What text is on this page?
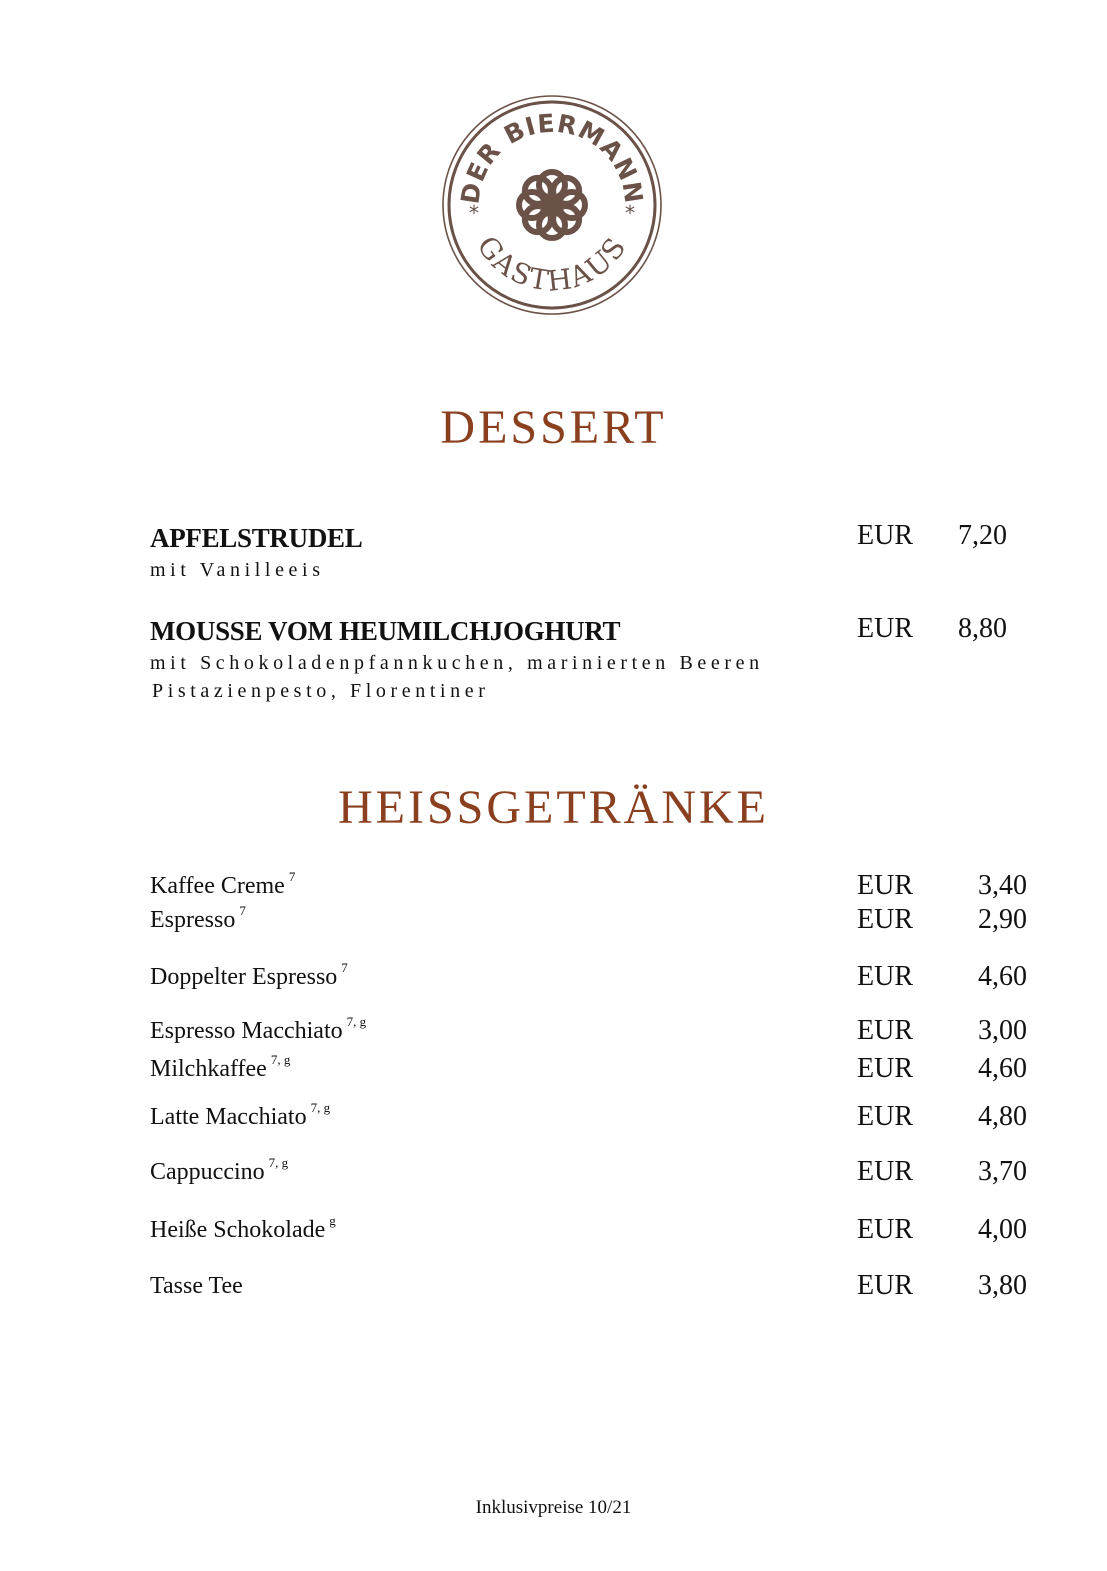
DER BIERMANN
GASTHAUS
*	*
DESSERT
APFELSTRUDEL	EUR 7,20
mit Vanilleeis
MOUSSE VOM HEUMILCHJOGHURT	EUR 8,80
mit Schokoladenpfannkuchen, marinierten Beeren
Pistazienpesto, Florentiner
HEISSGETRÄNKE
Kaffee Creme $^7$	EUR 3,40
Espresso $^7$	EUR 2,90
Doppelter Espresso $^7$	EUR 4,60
Espresso Macchiato $^{7, g}$	EUR 3,00
Milchkaffee $^{7, g}$	EUR 4,60
Latte Macchiato $^{7, g}$	EUR 4,80
Cappuccino $^{7, g}$	EUR 3,70
Heiße Schokolade $^g$	EUR 4,00
Tasse Tee	EUR 3,80
Inklusivpreise 10/21
